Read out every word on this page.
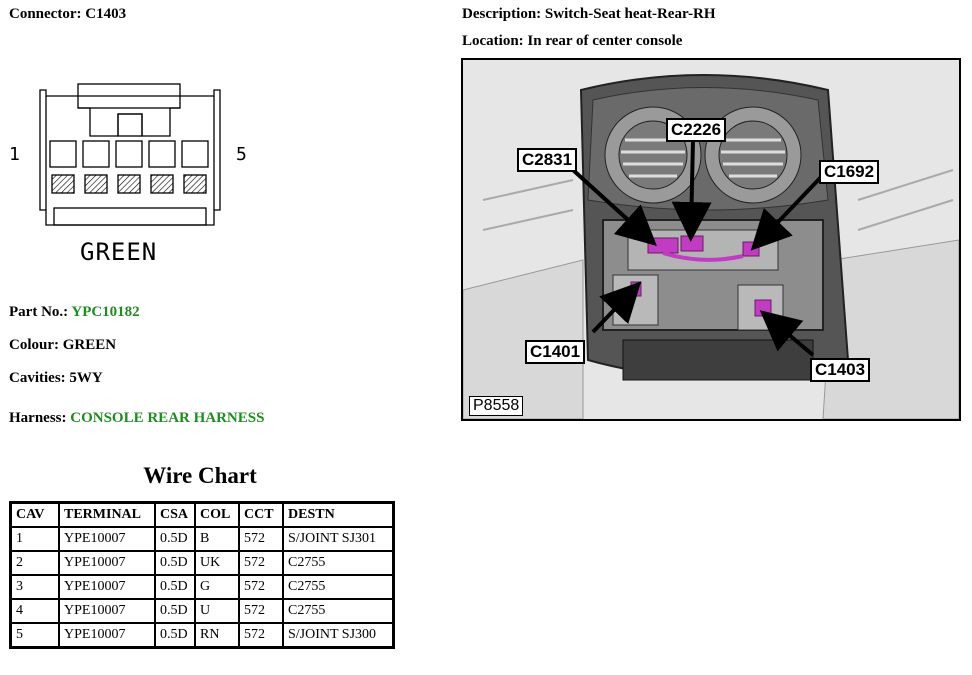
Connector: C1403
1	5
GREEN
Part No.: YPC10182
Colour: GREEN
Cavities: 5WY
Harness: CONSOLE REAR HARNESS
Wire Chart
CAV	TERMINAL	CSA	COL	CCT	DESTN
1	YPE10007	0.5D	B	572	S/JOINT SJ301
2	YPE10007	0.5D	UK	572	C2755
3	YPE10007	0.5D	G	572	C2755
4	YPE10007	0.5D	U	572	C2755
5	YPE10007	0.5D	RN	572	S/JOINT SJ300
Description: Switch-Seat heat-Rear-RH
Location: In rear of center console
C2226
C2831
C1692
C1401
C1403
P8558
